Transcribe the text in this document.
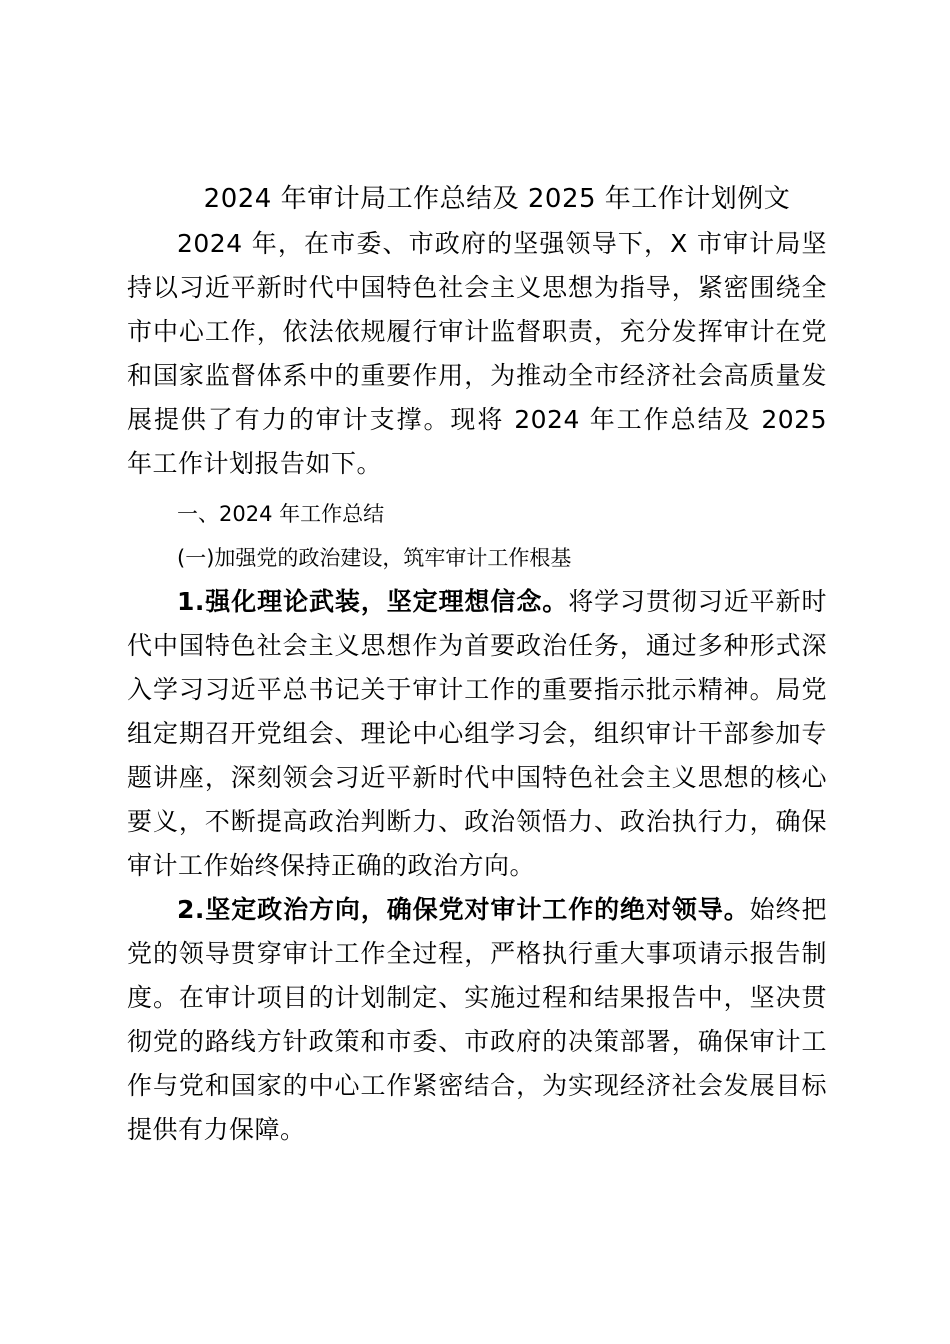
2024 年审计局工作总结及 2025 年工作计划例文

2024 年，在市委、市政府的坚强领导下，X 市审计局坚持以习近平新时代中国特色社会主义思想为指导，紧密围绕全市中心工作，依法依规履行审计监督职责，充分发挥审计在党和国家监督体系中的重要作用，为推动全市经济社会高质量发展提供了有力的审计支撑。现将 2024 年工作总结及 2025 年工作计划报告如下。

一、2024 年工作总结

(一)加强党的政治建设，筑牢审计工作根基

1.强化理论武装，坚定理想信念。将学习贯彻习近平新时代中国特色社会主义思想作为首要政治任务，通过多种形式深入学习习近平总书记关于审计工作的重要指示批示精神。局党组定期召开党组会、理论中心组学习会，组织审计干部参加专题讲座，深刻领会习近平新时代中国特色社会主义思想的核心要义，不断提高政治判断力、政治领悟力、政治执行力，确保审计工作始终保持正确的政治方向。

2.坚定政治方向，确保党对审计工作的绝对领导。始终把党的领导贯穿审计工作全过程，严格执行重大事项请示报告制度。在审计项目的计划制定、实施过程和结果报告中，坚决贯彻党的路线方针政策和市委、市政府的决策部署，确保审计工作与党和国家的中心工作紧密结合，为实现经济社会发展目标提供有力保障。
